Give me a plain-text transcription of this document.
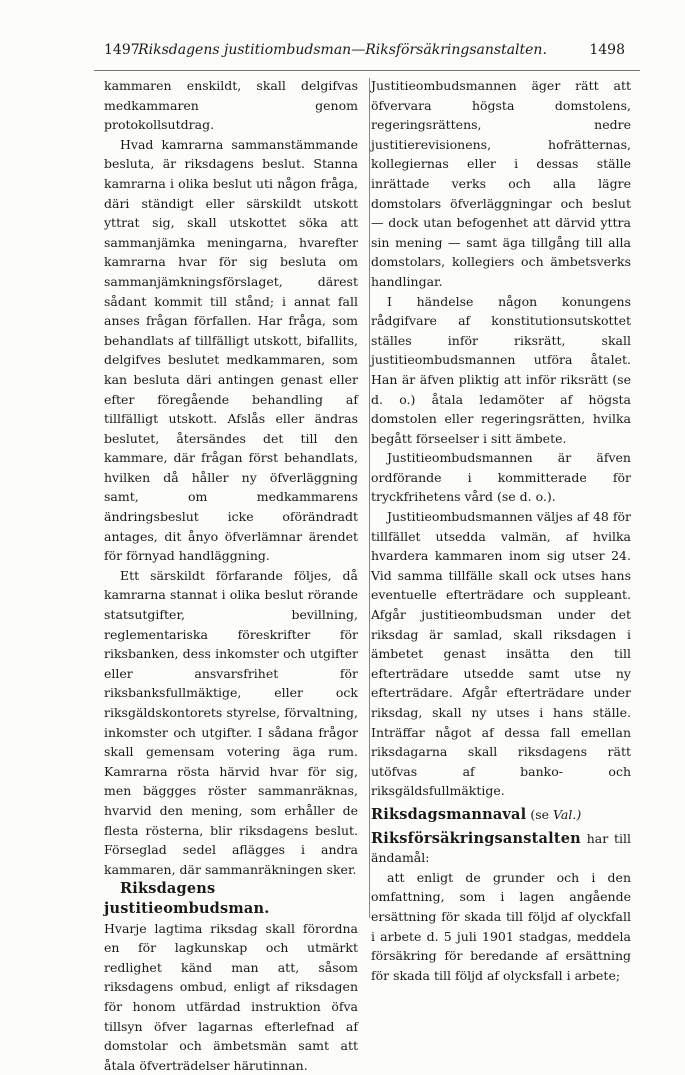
1497
Riksdagens justitiombudsman—Riksförsäkringsanstalten.	1498

kammaren enskildt, skall delgifvas medkammaren genom protokollsutdrag.

Hvad kamrarna sammanstämmande besluta, är riksdagens beslut. Stanna kamrarna i olika beslut uti någon fråga, däri ständigt eller särskildt utskott yttrat sig, skall utskottet söka att sammanjämka meningarna, hvarefter kamrarna hvar för sig besluta om sammanjämkningsförslaget, därest sådant kommit till stånd; i annat fall anses frågan förfallen. Har fråga, som behandlats af tillfälligt utskott, bifallits, delgifves beslutet medkammaren, som kan besluta däri antingen genast eller efter föregående behandling af tillfälligt utskott. Afslås eller ändras beslutet, återsändes det till den kammare, där frågan först behandlats, hvilken då håller ny öfverläggning samt, om medkammarens ändringsbeslut icke oförändradt antages, dit ånyo öfverlämnar ärendet för förnyad handläggning.

Ett särskildt förfarande följes, då kamrarna stannat i olika beslut rörande statsutgifter, bevillning, reglementariska föreskrifter för riksbanken, dess inkomster och utgifter eller ansvarsfrihet för riksbanksfullmäktige, eller ock riksgäldskontorets styrelse, förvaltning, inkomster och utgifter. I sådana frågor skall gemensam votering äga rum. Kamrarna rösta härvid hvar för sig, men bäggges röster sammanräknas, hvarvid den mening, som erhåller de flesta rösterna, blir riksdagens beslut. Förseglad sedel aflägges i andra kammaren, där sammanräkningen sker.

Riksdagens justitieombudsman.

Hvarje lagtima riksdag skall förordna en för lagkunskap och utmärkt redlighet känd man att, såsom riksdagens ombud, enligt af riksdagen för honom utfärdad instruktion öfva tillsyn öfver lagarnas efterlefnad af domstolar och ämbetsmän samt att åtala öfverträdelser härutinnan.

Justitieombudsmannen äger rätt att öfvervara högsta domstolens, regeringsrättens, nedre justitierevisionens, hofrätternas, kollegiernas eller i dessas ställe inrättade verks och alla lägre domstolars öfverläggningar och beslut — dock utan befogenhet att därvid yttra sin mening — samt äga tillgång till alla domstolars, kollegiers och ämbetsverks handlingar.

I händelse någon konungens rådgifvare af konstitutionsutskottet ställes inför riksrätt, skall justitieombudsmannen utföra åtalet. Han är äfven pliktig att inför riksrätt (se d. o.) åtala ledamöter af högsta domstolen eller regeringsrätten, hvilka begått förseelser i sitt ämbete.

Justitieombudsmannen är äfven ordförande i kommitterade för tryckfrihetens vård (se d. o.).

Justitieombudsmannen väljes af 48 för tillfället utsedda valmän, af hvilka hvardera kammaren inom sig utser 24. Vid samma tillfälle skall ock utses hans eventuelle efterträdare och suppleant. Afgår justitieombudsman under det riksdag är samlad, skall riksdagen i ämbetet genast insätta den till efterträdare utsedde samt utse ny efterträdare. Afgår efterträdare under riksdag, skall ny utses i hans ställe. Inträffar något af dessa fall emellan riksdagarna skall riksdagens rätt utöfvas af banko- och riksgäldsfullmäktige.

Riksdagsmannaval (se Val.)

Riksförsäkringsanstalten har till ändamål:

att enligt de grunder och i den omfattning, som i lagen angående ersättning för skada till följd af olyckfall i arbete d. 5 juli 1901 stadgas, meddela försäkring för beredande af ersättning för skada till följd af olycksfall i arbete;
